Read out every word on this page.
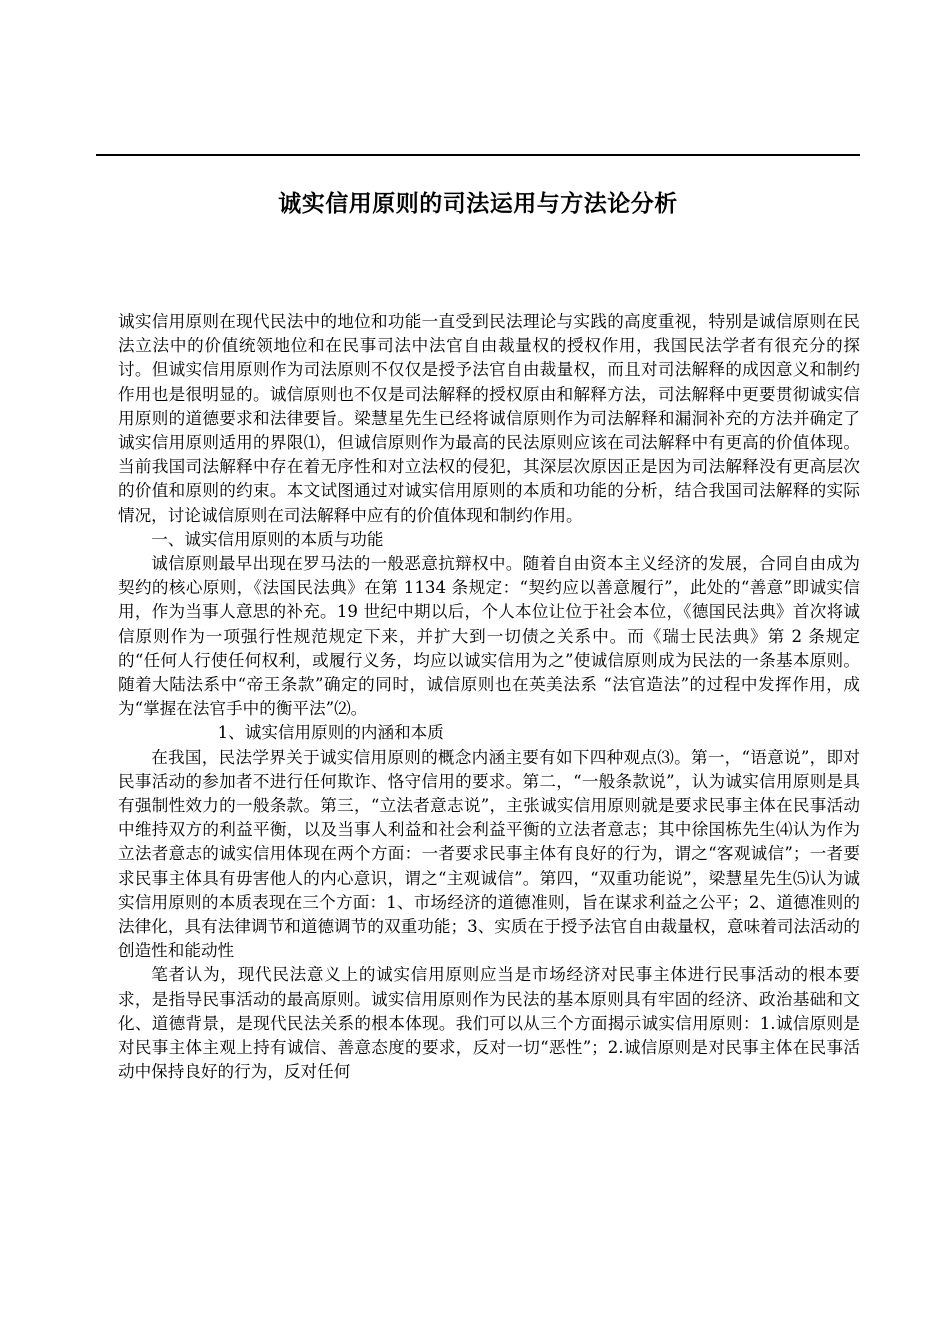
诚实信用原则的司法运用与方法论分析

诚实信用原则在现代民法中的地位和功能一直受到民法理论与实践的高度重视，特别是诚信原则在民法立法中的价值统领地位和在民事司法中法官自由裁量权的授权作用，我国民法学者有很充分的探讨。但诚实信用原则作为司法原则不仅仅是授予法官自由裁量权，而且对司法解释的成因意义和制约作用也是很明显的。诚信原则也不仅是司法解释的授权原由和解释方法，司法解释中更要贯彻诚实信用原则的道德要求和法律要旨。梁慧星先生已经将诚信原则作为司法解释和漏洞补充的方法并确定了诚实信用原则适用的界限⑴，但诚信原则作为最高的民法原则应该在司法解释中有更高的价值体现。当前我国司法解释中存在着无序性和对立法权的侵犯，其深层次原因正是因为司法解释没有更高层次的价值和原则的约束。本文试图通过对诚实信用原则的本质和功能的分析，结合我国司法解释的实际情况，讨论诚信原则在司法解释中应有的价值体现和制约作用。

一、诚实信用原则的本质与功能

诚信原则最早出现在罗马法的一般恶意抗辩权中。随着自由资本主义经济的发展，合同自由成为契约的核心原则，《法国民法典》在第 1134 条规定：“契约应以善意履行”，此处的“善意”即诚实信用，作为当事人意思的补充。19 世纪中期以后，个人本位让位于社会本位，《德国民法典》首次将诚信原则作为一项强行性规范规定下来，并扩大到一切债之关系中。而《瑞士民法典》第 2 条规定的“任何人行使任何权利，或履行义务，均应以诚实信用为之”使诚信原则成为民法的一条基本原则。随着大陆法系中“帝王条款”确定的同时，诚信原则也在英美法系 “法官造法”的过程中发挥作用，成为“掌握在法官手中的衡平法”⑵。

1、诚实信用原则的内涵和本质

在我国，民法学界关于诚实信用原则的概念内涵主要有如下四种观点⑶。第一，“语意说”，即对民事活动的参加者不进行任何欺诈、恪守信用的要求。第二，“一般条款说”，认为诚实信用原则是具有强制性效力的一般条款。第三，“立法者意志说”，主张诚实信用原则就是要求民事主体在民事活动中维持双方的利益平衡，以及当事人利益和社会利益平衡的立法者意志；其中徐国栋先生⑷认为作为立法者意志的诚实信用体现在两个方面：一者要求民事主体有良好的行为，谓之“客观诚信”；一者要求民事主体具有毋害他人的内心意识，谓之“主观诚信”。第四，“双重功能说”，梁慧星先生⑸认为诚实信用原则的本质表现在三个方面：1、市场经济的道德准则，旨在谋求利益之公平；2、道德准则的法律化，具有法律调节和道德调节的双重功能；3、实质在于授予法官自由裁量权，意味着司法活动的创造性和能动性

笔者认为，现代民法意义上的诚实信用原则应当是市场经济对民事主体进行民事活动的根本要求，是指导民事活动的最高原则。诚实信用原则作为民法的基本原则具有牢固的经济、政治基础和文化、道德背景，是现代民法关系的根本体现。我们可以从三个方面揭示诚实信用原则：1.诚信原则是对民事主体主观上持有诚信、善意态度的要求，反对一切“恶性”；2.诚信原则是对民事主体在民事活动中保持良好的行为，反对任何
